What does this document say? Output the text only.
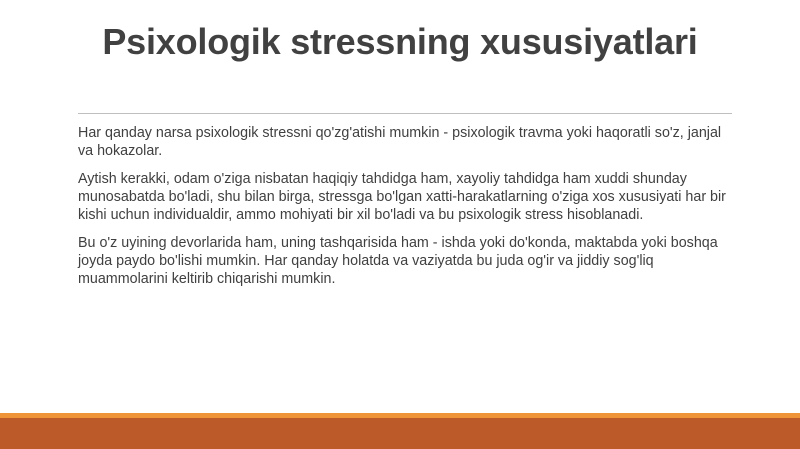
Psixologik stressning xususiyatlari

Har qanday narsa psixologik stressni qo'zg'atishi mumkin - psixologik travma yoki haqoratli so'z, janjal va hokazolar.

Aytish kerakki, odam o'ziga nisbatan haqiqiy tahdidga ham, xayoliy tahdidga ham xuddi shunday munosabatda bo'ladi, shu bilan birga, stressga bo'lgan xatti-harakatlarning o'ziga xos xususiyati har bir kishi uchun individualdir, ammo mohiyati bir xil bo'ladi va bu psixologik stress hisoblanadi.

Bu o'z uyining devorlarida ham, uning tashqarisida ham - ishda yoki do'konda, maktabda yoki boshqa joyda paydo bo'lishi mumkin. Har qanday holatda va vaziyatda bu juda og'ir va jiddiy sog'liq muammolarini keltirib chiqarishi mumkin.
